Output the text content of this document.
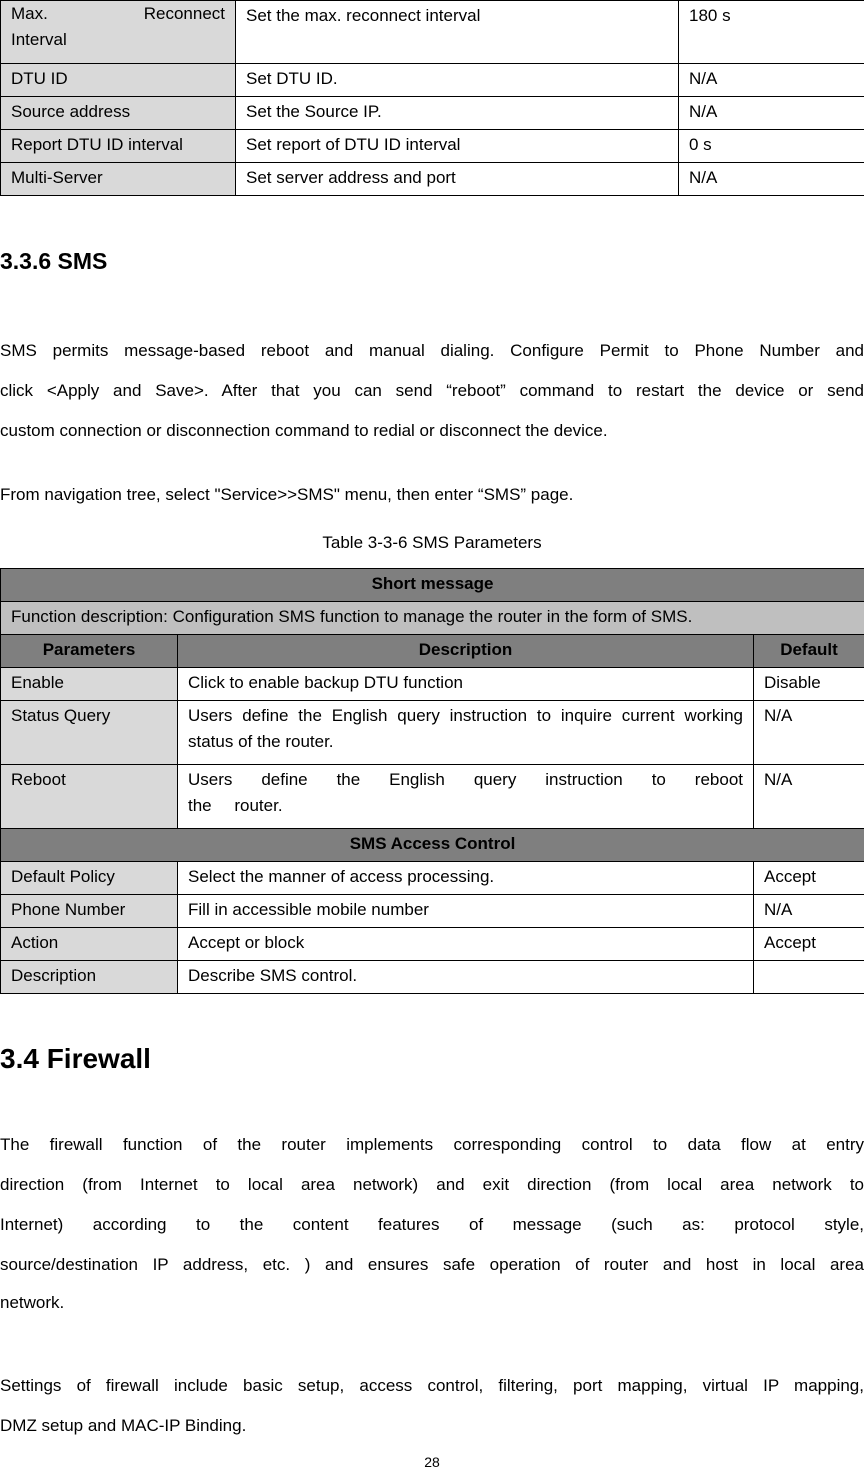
Max. Reconnect
Interval	Set the max. reconnect interval	180 s
DTU ID	Set DTU ID.	N/A
Source address	Set the Source IP.	N/A
Report DTU ID interval	Set report of DTU ID interval	0 s
Multi-Server	Set server address and port	N/A
3.3.6 SMS

SMS permits message-based reboot and manual dialing. Configure Permit to Phone Number and
click <Apply and Save>. After that you can send “reboot” command to restart the device or send
custom connection or disconnection command to redial or disconnect the device.

From navigation tree, select "Service>>SMS" menu, then enter “SMS” page.

Table 3-3-6 SMS Parameters

Short message		
Function description: Configuration SMS function to manage the router in the form of SMS.		
Parameters	Description	Default
Enable	Click to enable backup DTU function	Disable
Status Query	Users define the English query instruction to inquire current working status of the router.	N/A
Reboot	Users define the English query instruction to reboot the router.	N/A
SMS Access Control		
Default Policy	Select the manner of access processing.	Accept
Phone Number	Fill in accessible mobile number	N/A
Action	Accept or block	Accept
Description	Describe SMS control.	
3.4 Firewall

The firewall function of the router implements corresponding control to data flow at entry
direction (from Internet to local area network) and exit direction (from local area network to
Internet) according to the content features of message (such as: protocol style,
source/destination IP address, etc. ) and ensures safe operation of router and host in local area
network.

Settings of firewall include basic setup, access control, filtering, port mapping, virtual IP mapping,
DMZ setup and MAC-IP Binding.

28
